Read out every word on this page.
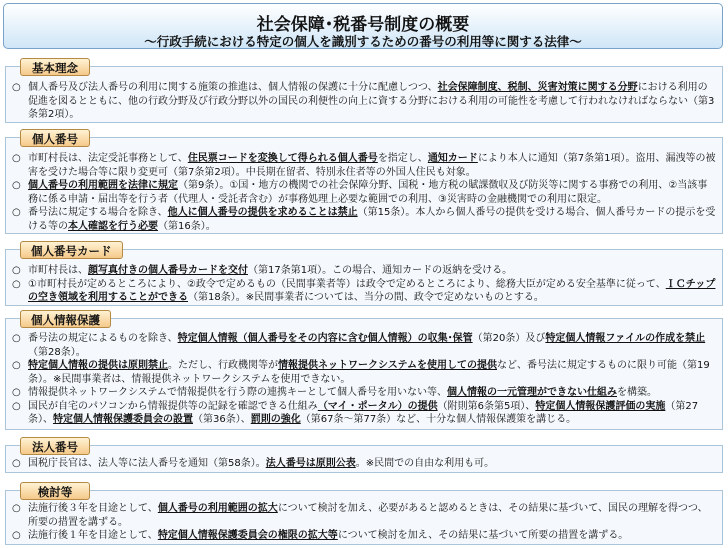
社会保障･税番号制度の概要
～行政手続における特定の個人を識別するための番号の利用等に関する法律～
○ 個人番号及び法人番号の利用に関する施策の推進は、個人情報の保護に十分に配慮しつつ、社会保障制度、税制、災害対策に関する分野における利用の促進を図るとともに、他の行政分野及び行政分野以外の国民の利便性の向上に資する分野における利用の可能性を考慮して行われなければならない（第3条第2項）。
基本理念
○ 市町村長は、法定受託事務として、住民票コードを変換して得られる個人番号を指定し、通知カードにより本人に通知（第7条第1項）。盗用、漏洩等の被害を受けた場合等に限り変更可（第7条第2項）。中長期在留者、特別永住者等の外国人住民も対象。
○ 個人番号の利用範囲を法律に規定（第9条）。①国・地方の機関での社会保障分野、国税・地方税の賦課徴収及び防災等に関する事務での利用、②当該事務に係る申請・届出等を行う者（代理人・受託者含む）が事務処理上必要な範囲での利用、③災害時の金融機関での利用に限定。
○ 番号法に規定する場合を除き、他人に個人番号の提供を求めることは禁止（第15条）。本人から個人番号の提供を受ける場合、個人番号カードの提示を受ける等の本人確認を行う必要（第16条）。
個人番号
○ 市町村長は、顔写真付きの個人番号カードを交付（第17条第1項）。この場合、通知カードの返納を受ける。
○ ①市町村長が定めるところにより、②政令で定めるもの（民間事業者等）は政令で定めるところにより、総務大臣が定める安全基準に従って、ＩＣチップの空き領域を利用することができる（第18条）。※民間事業者については、当分の間、政令で定めないものとする。
個人番号カード
○ 番号法の規定によるものを除き、特定個人情報（個人番号をその内容に含む個人情報）の収集･保管（第20条）及び特定個人情報ファイルの作成を禁止（第28条）。
○ 特定個人情報の提供は原則禁止。ただし、行政機関等が情報提供ネットワークシステムを使用しての提供など、番号法に規定するものに限り可能（第19条）。※民間事業者は、情報提供ネットワークシステムを使用できない。
○ 情報提供ネットワークシステムで情報提供を行う際の連携キーとして個人番号を用いない等、個人情報の一元管理ができない仕組みを構築。
○ 国民が自宅のパソコンから情報提供等の記録を確認できる仕組み（マイ・ポータル）の提供（附則第6条第5項）、特定個人情報保護評価の実施（第27条）、特定個人情報保護委員会の設置（第36条）、罰則の強化（第67条～第77条）など、十分な個人情報保護策を講じる。
個人情報保護
○ 国税庁長官は、法人等に法人番号を通知（第58条）。法人番号は原則公表。※民間での自由な利用も可。
法人番号
○ 法施行後３年を目途として、個人番号の利用範囲の拡大について検討を加え、必要があると認めるときは、その結果に基づいて、国民の理解を得つつ、所要の措置を講ずる。
○ 法施行後１年を目途として、特定個人情報保護委員会の権限の拡大等について検討を加え、その結果に基づいて所要の措置を講ずる。
検討等
